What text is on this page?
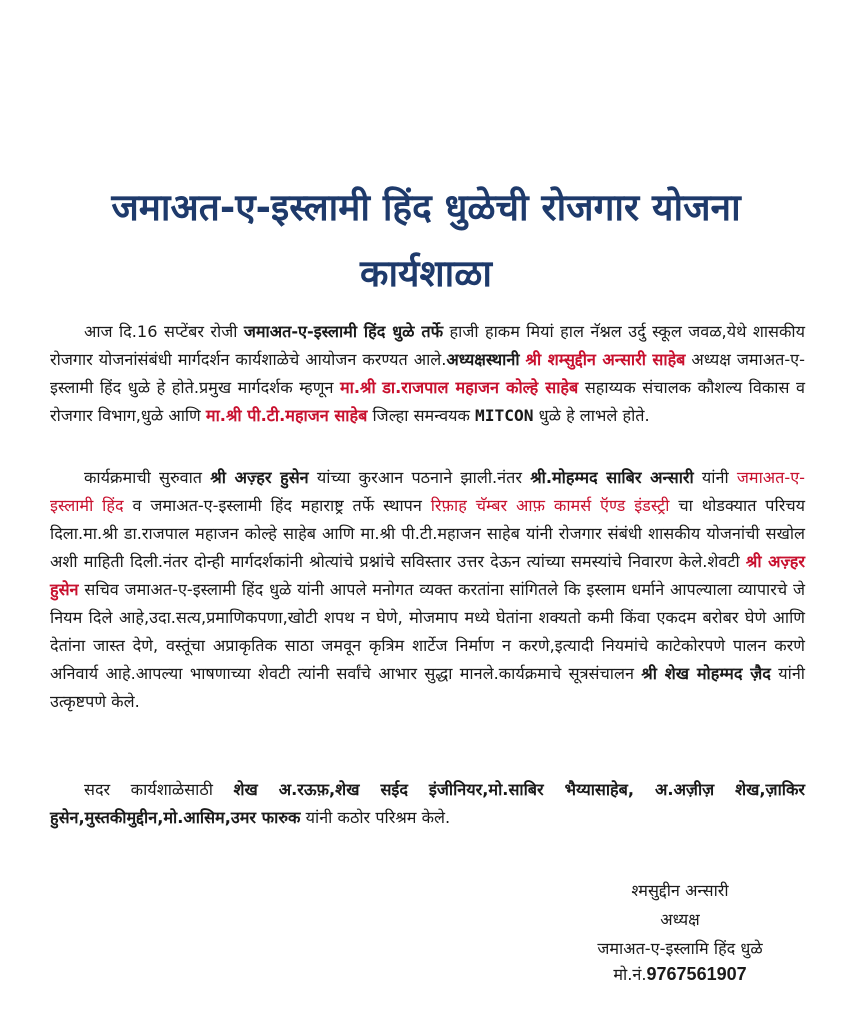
जमाअत-ए-इस्लामी हिंद धुळेची रोजगार योजना
कार्यशाळा

आज दि.16 सप्टेंबर रोजी जमाअत-ए-इस्लामी हिंद धुळे तर्फे हाजी हाकम मियां हाल नॅश्नल उर्दु स्कूल जवळ,येथे शासकीय रोजगार योजनांसंबंधी मार्गदर्शन कार्यशाळेचे आयोजन करण्यत आले.अध्यक्षस्थानी श्री शम्सुद्दीन अन्सारी साहेब अध्यक्ष जमाअत-ए-इस्लामी हिंद धुळे हे होते.प्रमुख मार्गदर्शक म्हणून मा.श्री डा.राजपाल महाजन कोल्हे साहेब सहाय्यक संचालक कौशल्य विकास व रोजगार विभाग,धुळे आणि मा.श्री पी.टी.महाजन साहेब जिल्हा समन्वयक MITCON धुळे हे लाभले होते.

कार्यक्रमाची सुरुवात श्री अज़्हर हुसेन यांच्या कुरआन पठनाने झाली.नंतर श्री.मोहम्मद साबिर अन्सारी यांनी जमाअत-ए-इस्लामी हिंद व जमाअत-ए-इस्लामी हिंद महाराष्ट्र तर्फे स्थापन रिफ़ाह चॅम्बर आफ़ कामर्स ऍण्ड इंडस्ट्री चा थोडक्यात परिचय दिला.मा.श्री डा.राजपाल महाजन कोल्हे साहेब आणि मा.श्री पी.टी.महाजन साहेब यांनी रोजगार संबंधी शासकीय योजनांची सखोल अशी माहिती दिली.नंतर दोन्ही मार्गदर्शकांनी श्रोत्यांचे प्रश्नांचे सविस्तार उत्तर देऊन त्यांच्या समस्यांचे निवारण केले.शेवटी श्री अज़्हर हुसेन सचिव जमाअत-ए-इस्लामी हिंद धुळे यांनी आपले मनोगत व्यक्त करतांना सांगितले कि इस्लाम धर्माने आपल्याला व्यापारचे जे नियम दिले आहे,उदा.सत्य,प्रमाणिकपणा,खोटी शपथ न घेणे, मोजमाप मध्ये घेतांना शक्यतो कमी किंवा एकदम बरोबर घेणे आणि देतांना जास्त देणे, वस्तूंचा अप्राकृतिक साठा जमवून कृत्रिम शार्टेज निर्माण न करणे,इत्यादी नियमांचे काटेकोरपणे पालन करणे अनिवार्य आहे.आपल्या भाषणाच्या शेवटी त्यांनी सर्वांचे आभार सुद्धा मानले.कार्यक्रमाचे सूत्रसंचालन श्री शेख मोहम्मद ज़ैद यांनी उत्कृष्टपणे केले.

सदर कार्यशाळेसाठी शेख अ.रऊफ़,शेख सईद इंजीनियर,मो.साबिर भैय्यासाहेब, अ.अज़ीज़ शेख,ज़ाकिर हुसेन,मुस्तकीमुद्दीन,मो.आसिम,उमर फारुक यांनी कठोर परिश्रम केले.

श्मसुद्दीन अन्सारी

अध्यक्ष

जमाअत-ए-इस्लामि हिंद धुळे

मो.नं.9767561907
